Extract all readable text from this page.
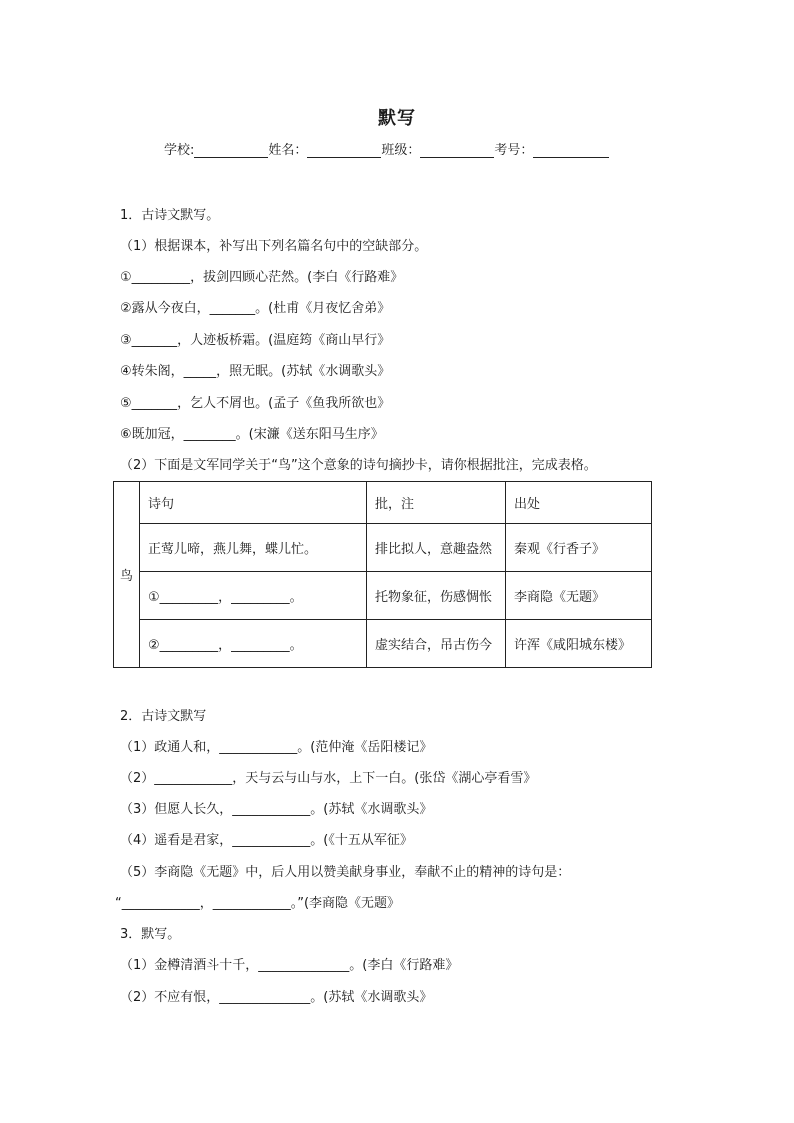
默写
学校:	姓名：	班级：	考号：
1．古诗文默写。
（1）根据课本，补写出下列名篇名句中的空缺部分。
①_________，拔剑四顾心茫然。(李白《行路难》
②露从今夜白，_______。(杜甫《月夜忆舍弟》
③_______，人迹板桥霜。(温庭筠《商山早行》
④转朱阁，_____，照无眠。(苏轼《水调歌头》
⑤_______，乞人不屑也。(孟子《鱼我所欲也》
⑥既加冠，________。(宋濂《送东阳马生序》
（2）下面是文军同学关于“鸟”这个意象的诗句摘抄卡，请你根据批注，完成表格。
鸟	诗句	批，注	出处
	正莺儿啼，燕儿舞，蝶儿忙。	排比拟人，意趣盎然	秦观《行香子》
	①_________，_________。	托物象征，伤感惆怅	李商隐《无题》
	②_________，_________。	虚实结合，吊古伤今	许浑《咸阳城东楼》
2．古诗文默写
（1）政通人和，____________。(范仲淹《岳阳楼记》
（2）____________，天与云与山与水，上下一白。(张岱《湖心亭看雪》
（3）但愿人长久，____________。(苏轼《水调歌头》
（4）遥看是君家，____________。(《十五从军征》
（5）李商隐《无题》中，后人用以赞美献身事业，奉献不止的精神的诗句是：
“____________，____________。”(李商隐《无题》
3．默写。
（1）金樽清酒斗十千，______________。(李白《行路难》
（2）不应有恨，______________。(苏轼《水调歌头》
